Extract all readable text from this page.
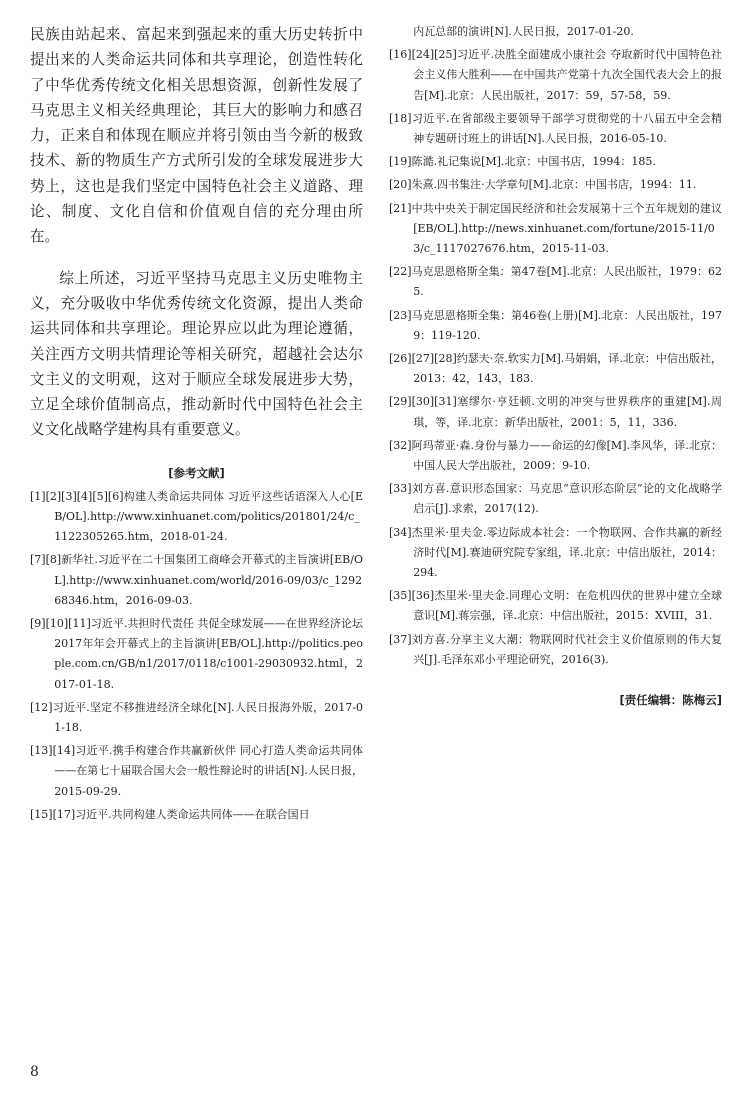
民族由站起来、富起来到强起来的重大历史转折中提出来的人类命运共同体和共享理论，创造性转化了中华优秀传统文化相关思想资源，创新性发展了马克思主义相关经典理论，其巨大的影响力和感召力，正来自和体现在顺应并将引领由当今新的极致技术、新的物质生产方式所引发的全球发展进步大势上，这也是我们坚定中国特色社会主义道路、理论、制度、文化自信和价值观自信的充分理由所在。

综上所述，习近平坚持马克思主义历史唯物主义，充分吸收中华优秀传统文化资源，提出人类命运共同体和共享理论。理论界应以此为理论遵循，关注西方文明共情理论等相关研究，超越社会达尔文主义的文明观，这对于顺应全球发展进步大势，立足全球价值制高点，推动新时代中国特色社会主义文化战略学建构具有重要意义。

[参考文献]

[1][2][3][4][5][6]构建人类命运共同体 习近平这些话语深入人心[EB/OL].http://www.xinhuanet.com/politics/201801/24/c_1122305265.htm，2018-01-24.

[7][8]新华社.习近平在二十国集团工商峰会开幕式的主旨演讲[EB/OL].http://www.xinhuanet.com/world/2016-09/03/c_129268346.htm，2016-09-03.

[9][10][11]习近平.共担时代责任 共促全球发展——在世界经济论坛2017年年会开幕式上的主旨演讲[EB/OL].http://politics.people.com.cn/GB/n1/2017/0118/c1001-29030932.html，2017-01-18.

[12]习近平.坚定不移推进经济全球化[N].人民日报海外版，2017-01-18.

[13][14]习近平.携手构建合作共赢新伙伴 同心打造人类命运共同体——在第七十届联合国大会一般性辩论时的讲话[N].人民日报，2015-09-29.

[15][17]习近平.共同构建人类命运共同体——在联合国日

内瓦总部的演讲[N].人民日报，2017-01-20.

[16][24][25]习近平.决胜全面建成小康社会 夺取新时代中国特色社会主义伟大胜利——在中国共产党第十九次全国代表大会上的报告[M].北京：人民出版社，2017：59，57-58，59.

[18]习近平.在省部级主要领导干部学习贯彻党的十八届五中全会精神专题研讨班上的讲话[N].人民日报，2016-05-10.

[19]陈澔.礼记集说[M].北京：中国书店，1994：185.

[20]朱熹.四书集注·大学章句[M].北京：中国书店，1994：11.

[21]中共中央关于制定国民经济和社会发展第十三个五年规划的建议[EB/OL].http://news.xinhuanet.com/fortune/2015-11/03/c_1117027676.htm，2015-11-03.

[22]马克思恩格斯全集：第47卷[M].北京：人民出版社，1979：625.

[23]马克思恩格斯全集：第46卷(上册)[M].北京：人民出版社，1979：119-120.

[26][27][28]约瑟夫·奈.软实力[M].马娟娟，译.北京：中信出版社，2013：42，143，183.

[29][30][31]塞缪尔·亨廷顿.文明的冲突与世界秩序的重建[M].周琪，等，译.北京：新华出版社，2001：5，11，336.

[32]阿玛蒂亚·森.身份与暴力——命运的幻像[M].李风华，译.北京：中国人民大学出版社，2009：9-10.

[33]刘方喜.意识形态国家：马克思“意识形态阶层”论的文化战略学启示[J].求索，2017(12).

[34]杰里米·里夫金.零边际成本社会：一个物联网、合作共赢的新经济时代[M].赛迪研究院专家组，译.北京：中信出版社，2014：294.

[35][36]杰里米·里夫金.同理心文明：在危机四伏的世界中建立全球意识[M].蒋宗强，译.北京：中信出版社，2015：XVIII，31.

[37]刘方喜.分享主义大潮：物联网时代社会主义价值原则的伟大复兴[J].毛泽东邓小平理论研究，2016(3).

[责任编辑：陈梅云]
8
